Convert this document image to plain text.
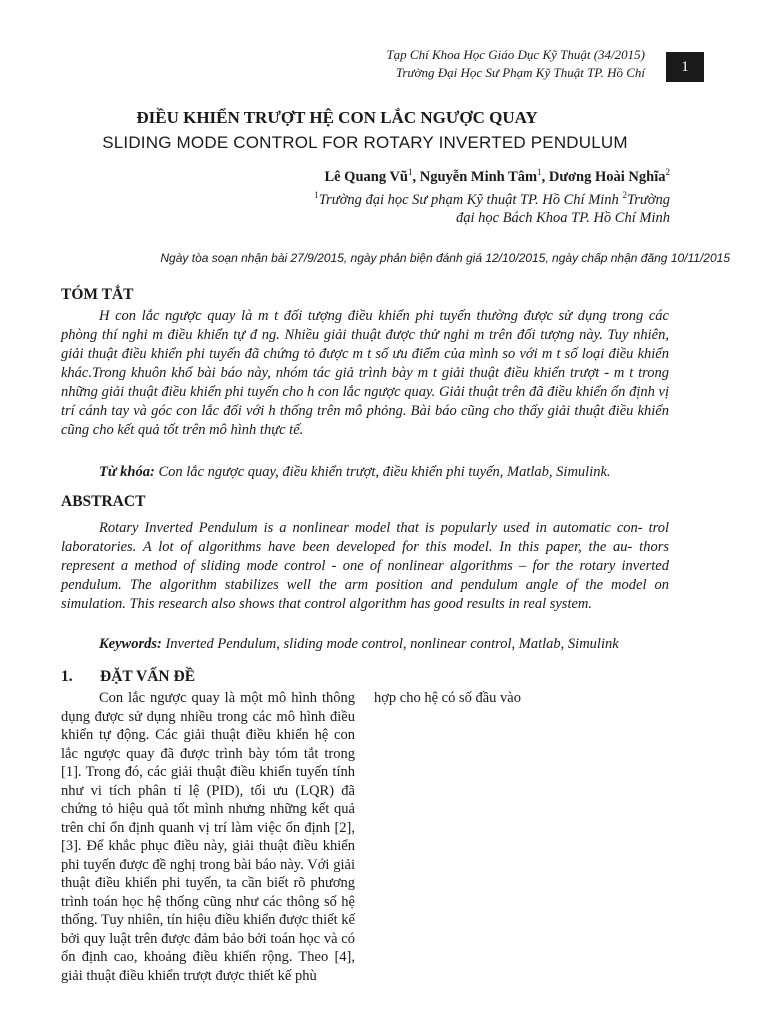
Tạp Chí Khoa Học Giáo Dục Kỹ Thuật (34/2015)
Trường Đại Học Sư Phạm Kỹ Thuật TP. Hồ Chí	1
ĐIỀU KHIỂN TRƯỢT HỆ CON LẮC NGƯỢC QUAY
SLIDING MODE CONTROL FOR ROTARY INVERTED PENDULUM
Lê Quang $Vũ^1$, Nguyễn Minh Tâm$^1$, Dương Hoài Nghĩa$^2$ $^1$Trường đại học Sư phạm Kỹ thuật TP. Hồ Chí Minh $^2$Trường đại học Bách Khoa TP. Hồ Chí Minh
Ngày tòa soạn nhận bài 27/9/2015, ngày phản biện đánh giá 12/10/2015, ngày chấp nhận đăng 10/11/2015
TÓM TẮT
H con lắc ngược quay là m t đối tượng điều khiển phi tuyến thường được sử dụng trong các phòng thí nghi m điều khiển tự đ ng. Nhiều giải thuật được thử nghi m trên đối tượng này. Tuy nhiên, giải thuật điều khiển phi tuyến đã chứng tỏ được m t số ưu điểm của mình so với m t số loại điều khiển khác.Trong khuôn khổ bài báo này, nhóm tác giả trình bày m t giải thuật điều khiển trượt - m t trong những giải thuật điều khiển phi tuyến cho h con lắc ngược quay. Giải thuật trên đã điều khiển ổn định vị trí cánh tay và góc con lắc đối với h thống trên mô phỏng. Bài báo cũng cho thấy giải thuật điều khiển cũng cho kết quả tốt trên mô hình thực tế.
Từ khóa: Con lắc ngược quay, điều khiển trượt, điều khiển phi tuyến, Matlab, Simulink.
ABSTRACT
Rotary Inverted Pendulum is a nonlinear model that is popularly used in automatic con- trol laboratories. A lot of algorithms have been developed for this model. In this paper, the au- thors represent a method of sliding mode control - one of nonlinear algorithms – for the rotary inverted pendulum. The algorithm stabilizes well the arm position and pendulum angle of the model on simulation. This research also shows that control algorithm has good results in real system.
Keywords: Inverted Pendulum, sliding mode control, nonlinear control, Matlab, Simulink
1. ĐẶT VẤN ĐỀ
Con lắc ngược quay là một mô hình thông dụng được sử dụng nhiều trong các mô hình điều khiển tự động. Các giải thuật điều khiển hệ con lắc ngược quay đã được trình bày tóm tắt trong [1]. Trong đó, các giải thuật điều khiển tuyến tính như vi tích phân tỉ lệ (PID), tối ưu (LQR) đã chứng tỏ hiệu quả tốt mình nhưng những kết quả trên chỉ ổn định quanh vị trí làm việc ổn định [2], [3]. Để khắc phục điều này, giải thuật điều khiển phi tuyến được đề nghị trong bài báo này. Với giải thuật điều khiển phi tuyến, ta cần biết rõ phương trình toán học hệ thống cũng như các thông số hệ thống. Tuy nhiên, tín hiệu điều khiển được thiết kế bởi quy luật trên được đảm bảo bởi toán học và có ổn định cao, khoảng điều khiển rộng. Theo [4], giải thuật điều khiển trượt được thiết kế phù
hợp cho hệ có số đầu vào
